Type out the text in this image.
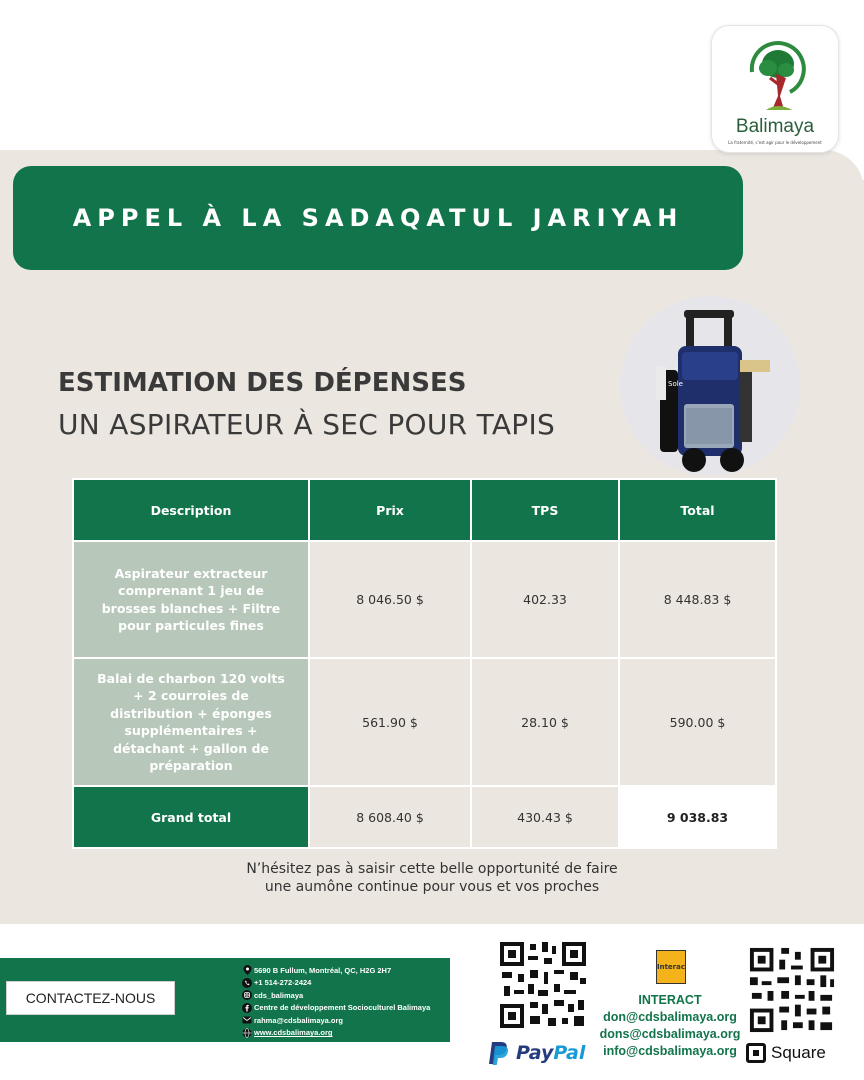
Balimaya
La fraternité, c'est agir pour le développement
APPEL À LA SADAQATUL JARIYAH
ESTIMATION DES DÉPENSES
UN ASPIRATEUR À SEC POUR TAPIS
Sole
Description	Prix	TPS	Total
Aspirateur extracteur comprenant 1 jeu de brosses blanches + Filtre pour particules fines	8 046.50 $	402.33	8 448.83 $
Balai de charbon 120 volts + 2 courroies de distribution + éponges supplémentaires + détachant + gallon de préparation	561.90 $	28.10 $	590.00 $
Grand total	8 608.40 $	430.43 $	9 038.83
N’hésitez pas à saisir cette belle opportunité de faire
une aumône continue pour vous et vos proches
CONTACTEZ-NOUS
5690 B Fullum, Montréal, QC, H2G 2H7
+1 514-272-2424
cds_balimaya
Centre de développement Socioculturel Balimaya
rahma@cdsbalimaya.org
www.cdsbalimaya.org
PayPal
Interac
INTERACT
don@cdsbalimaya.org
dons@cdsbalimaya.org
info@cdsbalimaya.org	Square
